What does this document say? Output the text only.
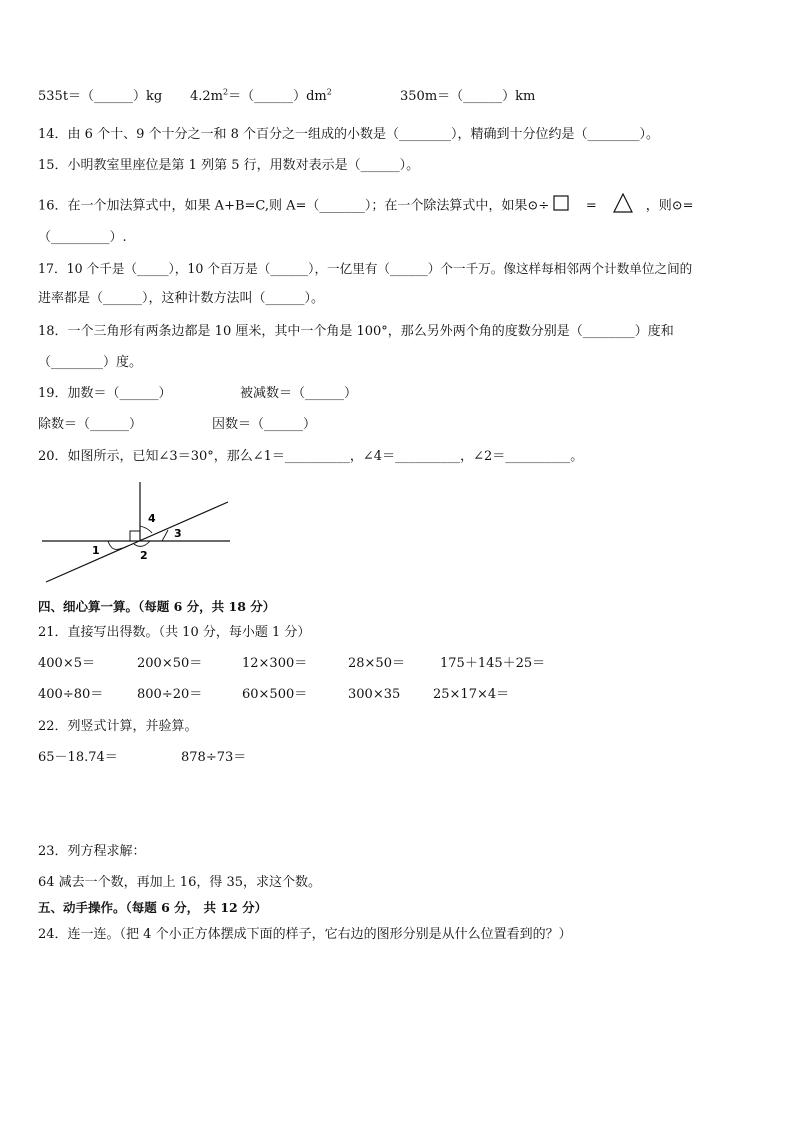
535t＝（______）kg $4.2m^2=(\_\_\_\_\_\_)dm^2$	350m＝（______）km
14．由 6 个十、9 个十分之一和 8 个百分之一组成的小数是（________），精确到十分位约是（________）。
15．小明教室里座位是第 1 列第 5 行，用数对表示是（______）。
16．在一个加法算式中，如果 A+B=C,则 A=（_______）；在一个除法算式中，如果⊙÷	=	，则⊙=
（_________）.
17．10 个千是（_____），10 个百万是（______），一亿里有（______）个一千万。像这样每相邻两个计数单位之间的
进率都是（______），这种计数方法叫（______）。
18．一个三角形有两条边都是 10 厘米，其中一个角是 100°，那么另外两个角的度数分别是（________）度和
（________）度。
19．加数＝（______）	被减数＝（______）
除数＝（______）	因数＝（______）
20．如图所示，已知∠3＝30°，那么∠1＝__________，∠4＝__________，∠2＝__________。
1	2
3
4
四、细心算一算。（每题 6 分，共 18 分）
21．直接写出得数。（共 10 分，每小题 1 分）
400×5＝	200×50＝	12×300＝	28×50＝	175＋145＋25＝
400÷80＝	800÷20＝	60×500＝	300×35	25×17×4＝
22．列竖式计算，并验算。
65－18.74＝	878÷73＝
23．列方程求解：
64 减去一个数，再加上 16，得 35，求这个数。
五、动手操作。（每题 6 分， 共 12 分）
24．连一连。（把 4 个小正方体摆成下面的样子，它右边的图形分别是从什么位置看到的？）
